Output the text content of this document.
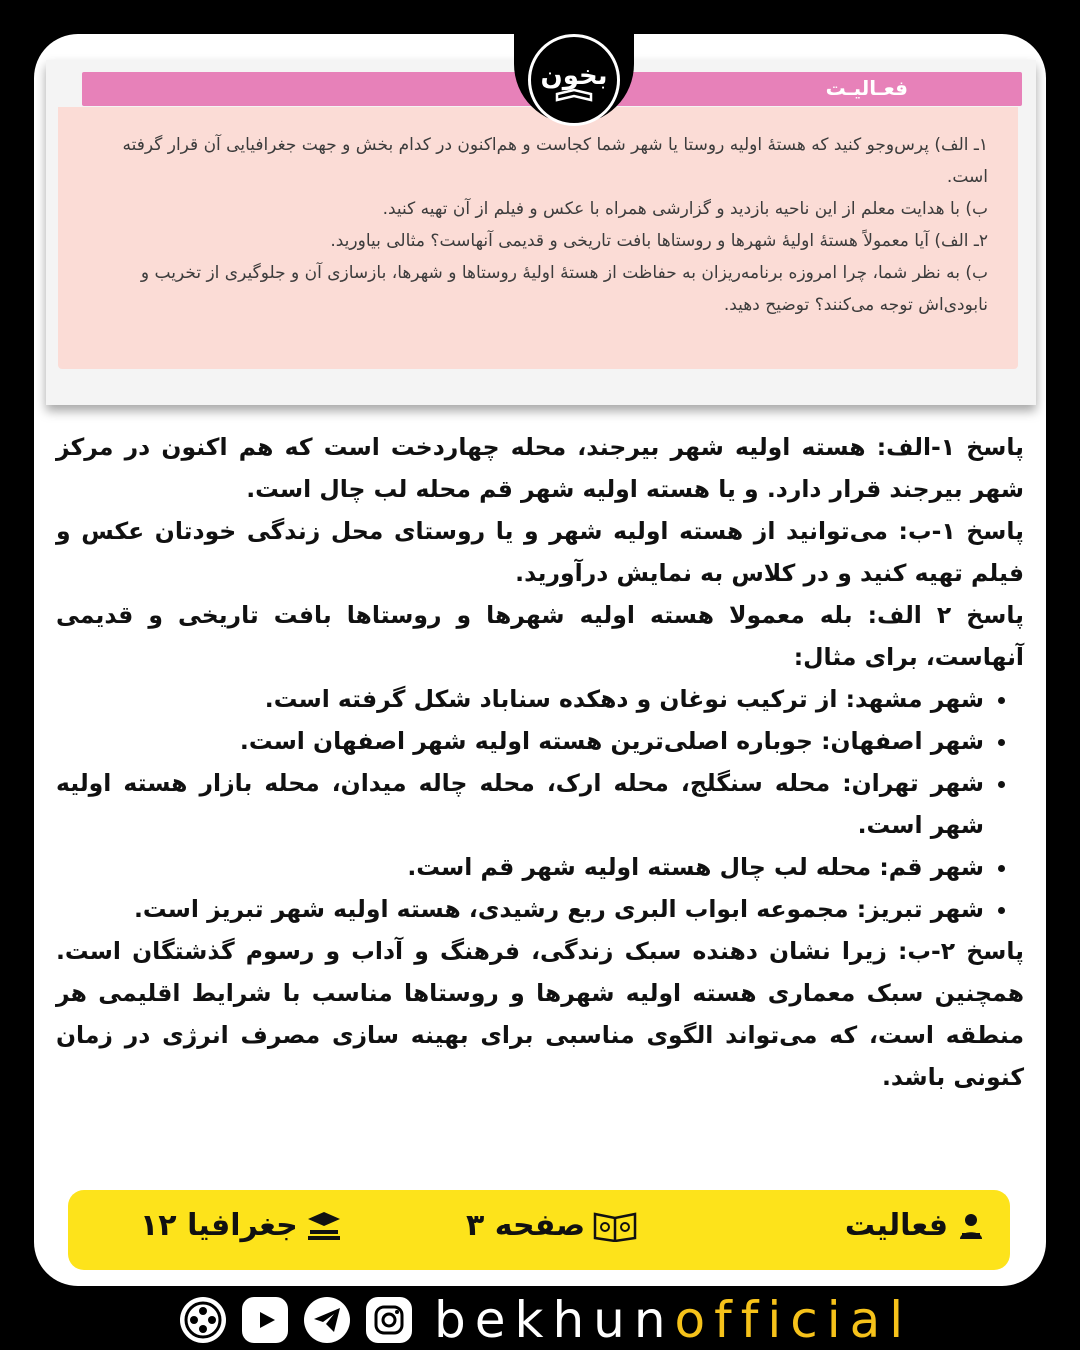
بخون	فعـالیـت

۱ـ الف) پرس‌وجو کنید که هستهٔ اولیه روستا یا شهر شما کجاست و هم‌اکنون در کدام بخش و جهت جغرافیایی آن قرار گرفته است.

ب) با هدایت معلم از این ناحیه بازدید و گزارشی همراه با عکس و فیلم از آن تهیه کنید.

۲ـ الف) آیا معمولاً هستهٔ اولیهٔ شهرها و روستاها بافت تاریخی و قدیمی آنهاست؟ مثالی بیاورید.

ب) به نظر شما، چرا امروزه برنامه‌ریزان به حفاظت از هستهٔ اولیهٔ روستاها و شهرها، بازسازی آن و جلوگیری از تخریب و نابودی‌اش توجه می‌کنند؟ توضیح دهید.

پاسخ ۱-الف: هسته اولیه شهر بیرجند، محله چهاردخت است که هم اکنون در مرکز شهر بیرجند قرار دارد. و یا هسته اولیه شهر قم محله لب چال است.

پاسخ ۱-ب: می‌توانید از هسته اولیه شهر و یا روستای محل زندگی خودتان عکس و فیلم تهیه کنید و در کلاس به نمایش درآورید.

پاسخ ۲ الف: بله معمولا هسته اولیه شهرها و روستاها بافت تاریخی و قدیمی آنهاست، برای مثال:

• شهر مشهد: از ترکیب نوغان و دهکده سناباد شکل گرفته است.
• شهر اصفهان: جوباره اصلی‌ترین هسته اولیه شهر اصفهان است.
• شهر تهران: محله سنگلج، محله ارک، محله چاله میدان، محله بازار هسته اولیه شهر است.
• شهر قم: محله لب چال هسته اولیه شهر قم است.
• شهر تبریز: مجموعه ابواب البری ربع رشیدی، هسته اولیه شهر تبریز است.

پاسخ ۲-ب: زیرا نشان دهنده سبک زندگی، فرهنگ و آداب و رسوم گذشتگان است. همچنین سبک معماری هسته اولیه شهرها و روستاها مناسب با شرایط اقلیمی هر منطقه است، که می‌تواند الگوی مناسبی برای بهینه سازی مصرف انرژی در زمان کنونی باشد.

فعالیت
صفحه ۳
جغرافیا ۱۲
bekhunofficial
